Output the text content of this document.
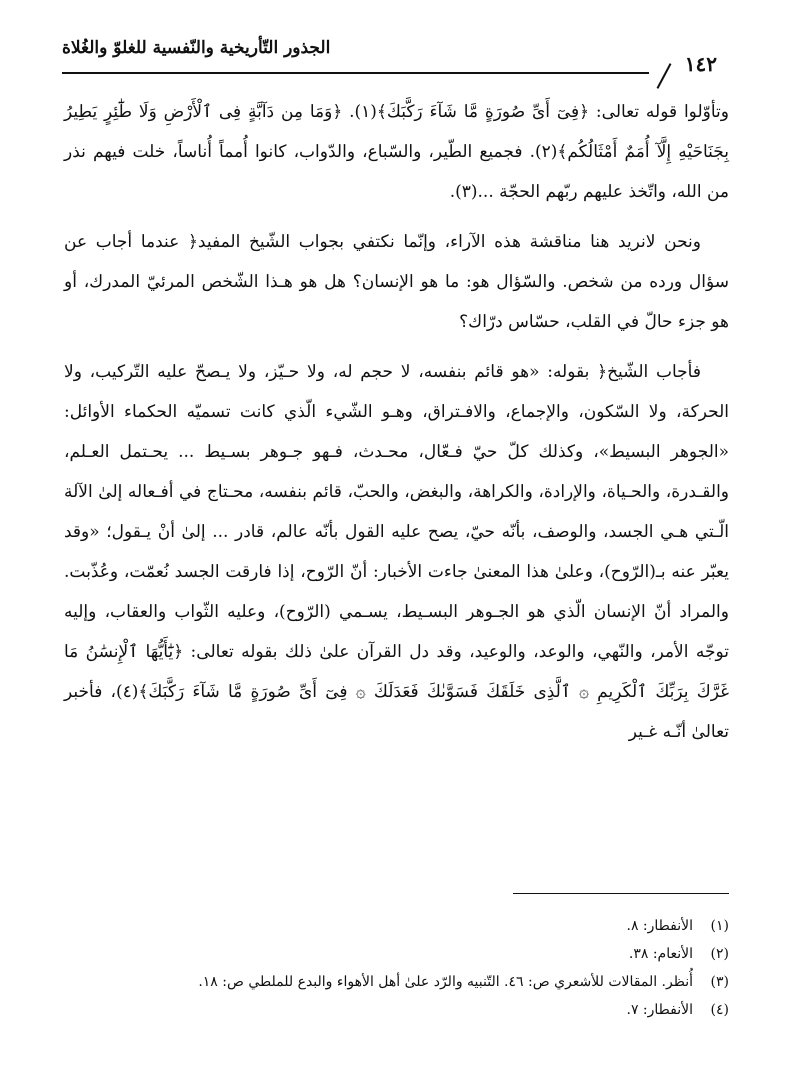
١٤٢
الجذور التّأريخية والنّفسية للغلوّ والغُلاة

وتأوّلوا قوله تعالى: ﴿فِىٓ أَىِّ صُورَةٍ مَّا شَآءَ رَكَّبَكَ﴾(١). ﴿وَمَا مِن دَآبَّةٍ فِى ٱلْأَرْضِ وَلَا طَٰٓئِرٍ يَطِيرُ بِجَنَاحَيْهِ إِلَّآ أُمَمٌ أَمْثَالُكُم﴾(٢). فجميع الطّير، والسّباع، والدّواب، كانوا أُمماً أُناساً، خلت فيهم نذر من الله، واتّخذ عليهم ربّهم الحجّة ...(٣).

ونحن لانريد هنا مناقشة هذه الآراء، وإنّما نكتفي بجواب الشّيخ المفيد﴿ عندما أجاب عن سؤال ورده من شخص. والسّؤال هو: ما هو الإنسان؟ هل هو هـذا الشّخص المرئيّ المدرك، أو هو جزء حالّ في القلب، حسّاس درّاك؟

فأجاب الشّيخ﴿ بقوله: «هو قائم بنفسه، لا حجم له، ولا حـيّز، ولا يـصحّ عليه التّركيب، ولا الحركة، ولا السّكون، والإجماع، والافـتراق، وهـو الشّيء الّذي كانت تسميّه الحكماء الأوائل: «الجوهر البسيط»، وكذلك كلّ حيّ فـعّال، محـدث، فـهو جـوهر بسـيط ... يحـتمل العـلم، والقـدرة، والحـياة، والإرادة، والكراهة، والبغض، والحبّ، قائم بنفسه، محـتاج في أفـعاله إلىٰ الآلة الّـتي هـي الجسد، والوصف، بأنّه حيّ، يصح عليه القول بأنّه عالم، قادر ... إلىٰ أنْ يـقول؛ «وقد يعبّر عنه بـ(الرّوح)، وعلىٰ هذا المعنىٰ جاءت الأخبار: أنّ الرّوح، إذا فارقت الجسد نُعمّت، وعُذّبت. والمراد أنّ الإنسان الّذي هو الجـوهر البسـيط، يسـمي (الرّوح)، وعليه الثّواب والعقاب، وإليه توجّه الأمر، والنّهي، والوعد، والوعيد، وقد دل القرآن علىٰ ذلك بقوله تعالى: ﴿يَٰٓأَيُّهَا ٱلْإِنسَٰنُ مَا غَرَّكَ بِرَبِّكَ ٱلْكَرِيمِ ۞ ٱلَّذِى خَلَقَكَ فَسَوَّىٰكَ فَعَدَلَكَ ۞ فِىٓ أَىِّ صُورَةٍ مَّا شَآءَ رَكَّبَكَ﴾(٤)، فأخبر تعالىٰ أنّـه غـير

(١)
الأنفطار: ٨.
(٢)
الأنعام: ٣٨.
(٣)
أُنظر. المقالات للأشعري ص: ٤٦. التّنبيه والرّد علىٰ أهل الأهواء والبدع للملطي ص: ١٨.
(٤)
الأنفطار: ٧.
